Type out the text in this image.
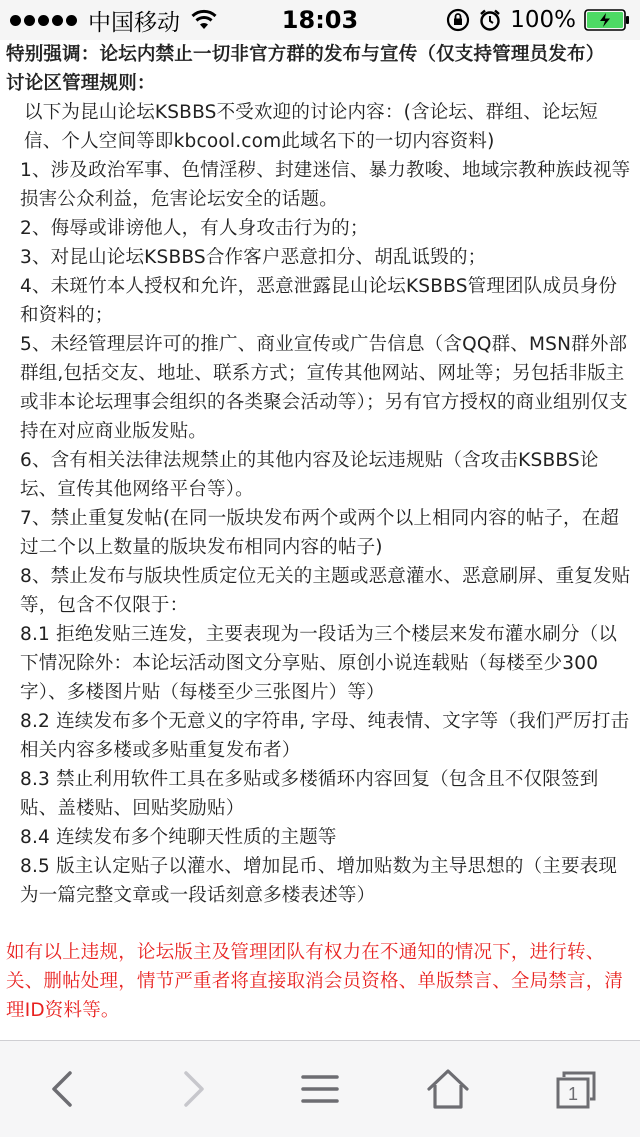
中国移动	18:03	100%

特别强调：论坛内禁止一切非官方群的发布与宣传（仅支持管理员发布）

讨论区管理规则：

以下为昆山论坛KSBBS不受欢迎的讨论内容：(含论坛、群组、论坛短信、个人空间等即kbcool.com此域名下的一切内容资料)

1、涉及政治军事、色情淫秽、封建迷信、暴力教唆、地域宗教种族歧视等损害公众利益，危害论坛安全的话题。

2、侮辱或诽谤他人，有人身攻击行为的；

3、对昆山论坛KSBBS合作客户恶意扣分、胡乱诋毁的；

4、未斑竹本人授权和允许，恶意泄露昆山论坛KSBBS管理团队成员身份和资料的；

5、未经管理层许可的推广、商业宣传或广告信息（含QQ群、MSN群外部群组,包括交友、地址、联系方式；宣传其他网站、网址等；另包括非版主或非本论坛理事会组织的各类聚会活动等）；另有官方授权的商业组别仅支持在对应商业版发贴。

6、含有相关法律法规禁止的其他内容及论坛违规贴（含攻击KSBBS论坛、宣传其他网络平台等）。

7、禁止重复发帖(在同一版块发布两个或两个以上相同内容的帖子，在超过二个以上数量的版块发布相同内容的帖子)

8、禁止发布与版块性质定位无关的主题或恶意灌水、恶意刷屏、重复发贴等，包含不仅限于：

8.1 拒绝发贴三连发，主要表现为一段话为三个楼层来发布灌水刷分（以下情况除外：本论坛活动图文分享贴、原创小说连载贴（每楼至少300字）、多楼图片贴（每楼至少三张图片）等）

8.2 连续发布多个无意义的字符串, 字母、纯表情、文字等（我们严厉打击相关内容多楼或多贴重复发布者）

8.3 禁止利用软件工具在多贴或多楼循环内容回复（包含且不仅限签到贴、盖楼贴、回贴奖励贴）

8.4 连续发布多个纯聊天性质的主题等

8.5 版主认定贴子以灌水、增加昆币、增加贴数为主导思想的（主要表现为一篇完整文章或一段话刻意多楼表述等）

如有以上违规，论坛版主及管理团队有权力在不通知的情况下，进行转、关、删帖处理，情节严重者将直接取消会员资格、单版禁言、全局禁言，清理ID资料等。

1
